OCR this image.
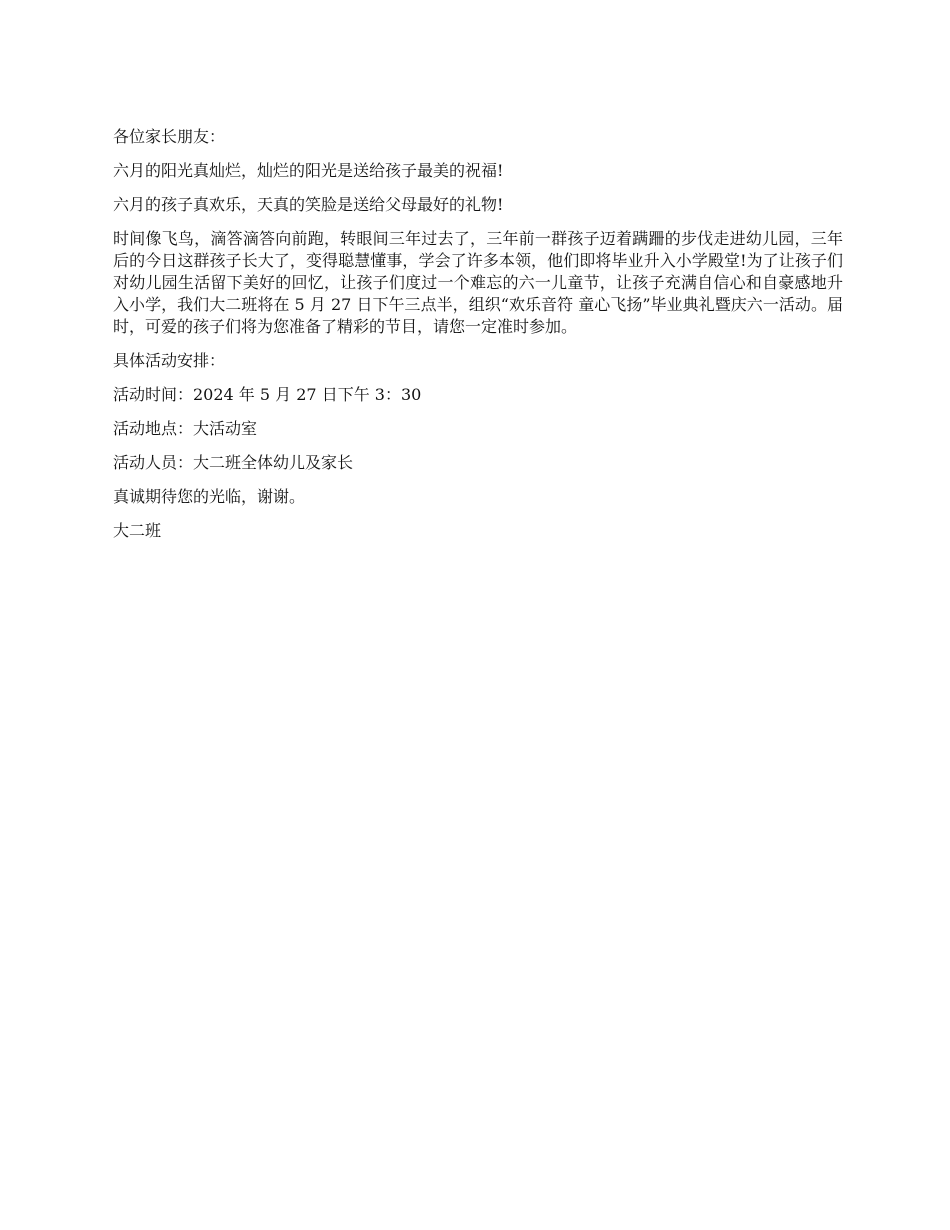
各位家长朋友：

六月的阳光真灿烂，灿烂的阳光是送给孩子最美的祝福!

六月的孩子真欢乐，天真的笑脸是送给父母最好的礼物!

时间像飞鸟，滴答滴答向前跑，转眼间三年过去了，三年前一群孩子迈着蹒跚的步伐走进幼儿园，三年后的今日这群孩子长大了，变得聪慧懂事，学会了许多本领，他们即将毕业升入小学殿堂!为了让孩子们对幼儿园生活留下美好的回忆，让孩子们度过一个难忘的六一儿童节，让孩子充满自信心和自豪感地升入小学，我们大二班将在 5 月 27 日下午三点半，组织“欢乐音符 童心飞扬”毕业典礼暨庆六一活动。届时，可爱的孩子们将为您准备了精彩的节目，请您一定准时参加。

具体活动安排：

活动时间：2024 年 5 月 27 日下午 3：30

活动地点：大活动室

活动人员：大二班全体幼儿及家长

真诚期待您的光临，谢谢。

大二班
